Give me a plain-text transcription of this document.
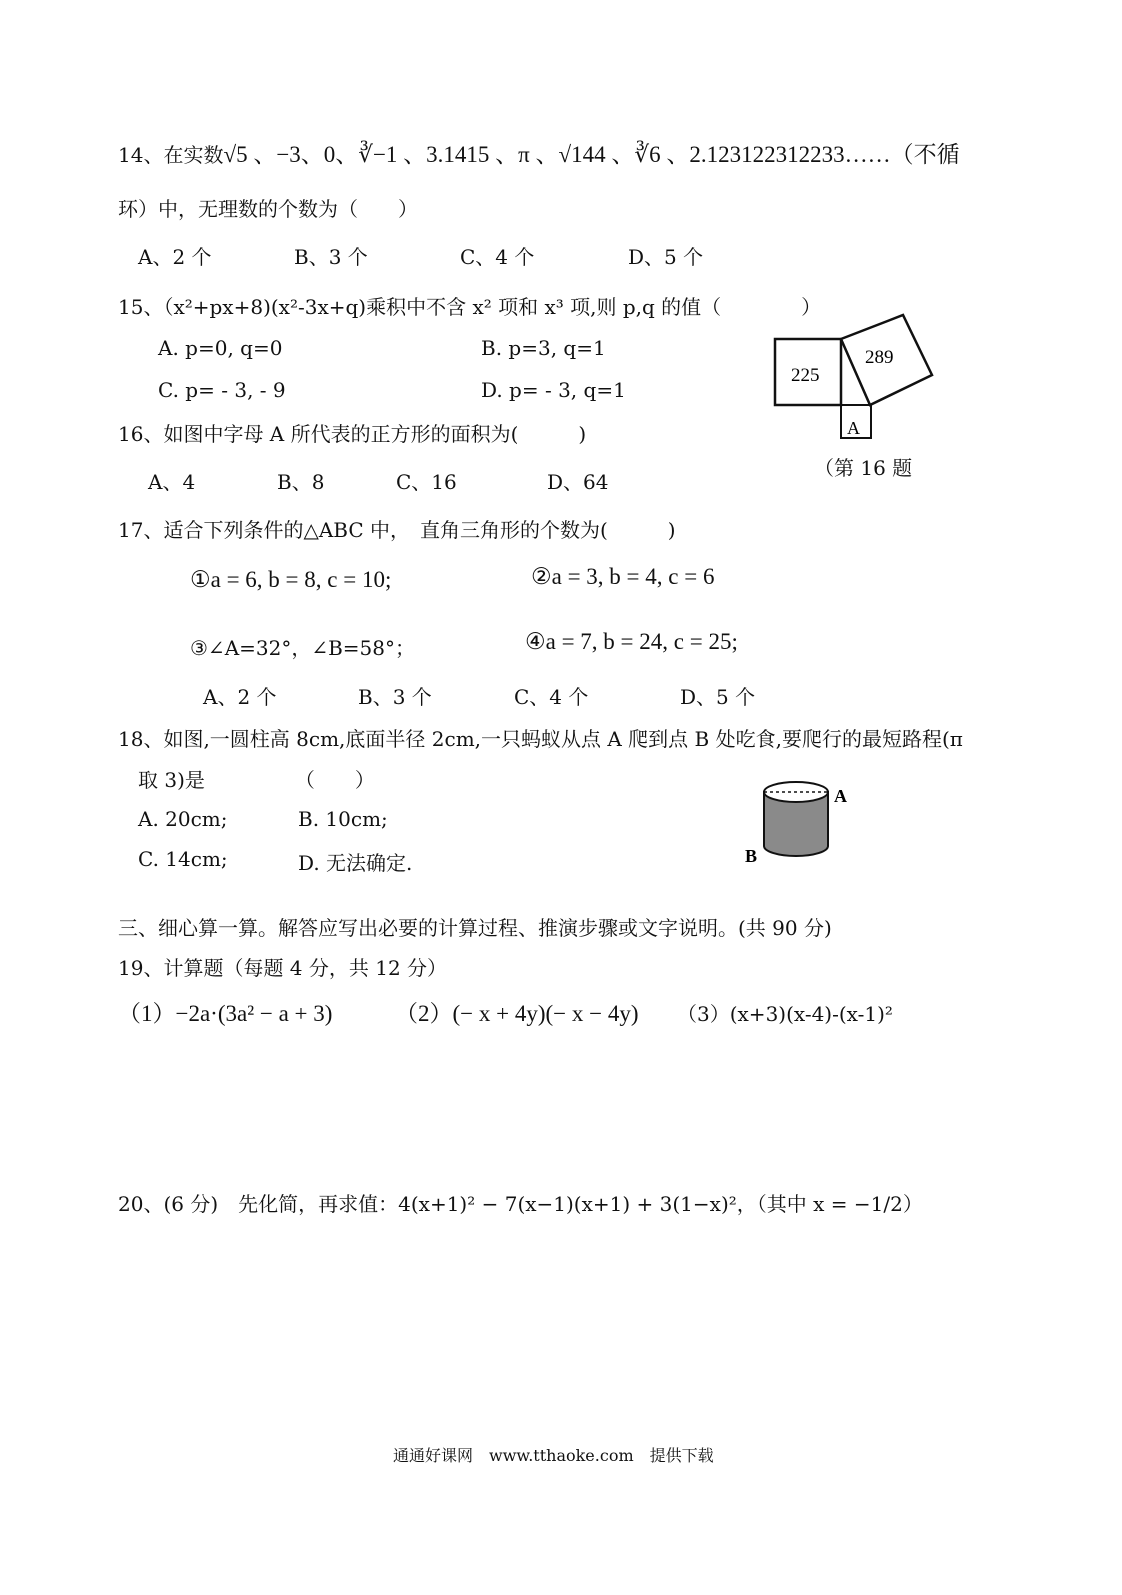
14、在实数√5 、−3、0、∛−1 、3.1415 、π 、√144 、∛6 、2.123122312233……（不循
环）中，无理数的个数为（　　）
A、2 个	B、3 个	C、4 个	D、5 个
15、（x²+px+8)(x²-3x+q)乘积中不含 x² 项和 x³ 项,则 p,q 的值（　　　　）
A. p=0, q=0	B. p=3, q=1
C. p= - 3, - 9	D. p= - 3, q=1
225
289
A
（第 16 题
16、如图中字母 A 所代表的正方形的面积为(　　　)
A、4	B、8	C、16	D、64
17、适合下列条件的△ABC 中，　直角三角形的个数为(　　　)
①a = 6, b = 8, c = 10;	②a = 3, b = 4, c = 6
③∠A=32°，∠B=58°；	④a = 7, b = 24, c = 25;
A、2 个	B、3 个	C、4 个	D、5 个
18、如图,一圆柱高 8cm,底面半径 2cm,一只蚂蚁从点 A 爬到点 B 处吃食,要爬行的最短路程(π
取 3)是　　　　　（　　）
A. 20cm;	B. 10cm;
C. 14cm;	D. 无法确定.
A
B
三、细心算一算。解答应写出必要的计算过程、推演步骤或文字说明。(共 90 分)
19、计算题（每题 4 分，共 12 分）
（1）−2a·(3a² − a + 3)	（2）(− x + 4y)(− x − 4y) （3）(x+3)(x-4)-(x-1)²
20、(6 分)　先化简，再求值：4(x+1)² − 7(x−1)(x+1) + 3(1−x)²，（其中 x = −1/2）
通通好课网　www.tthaoke.com　提供下载
